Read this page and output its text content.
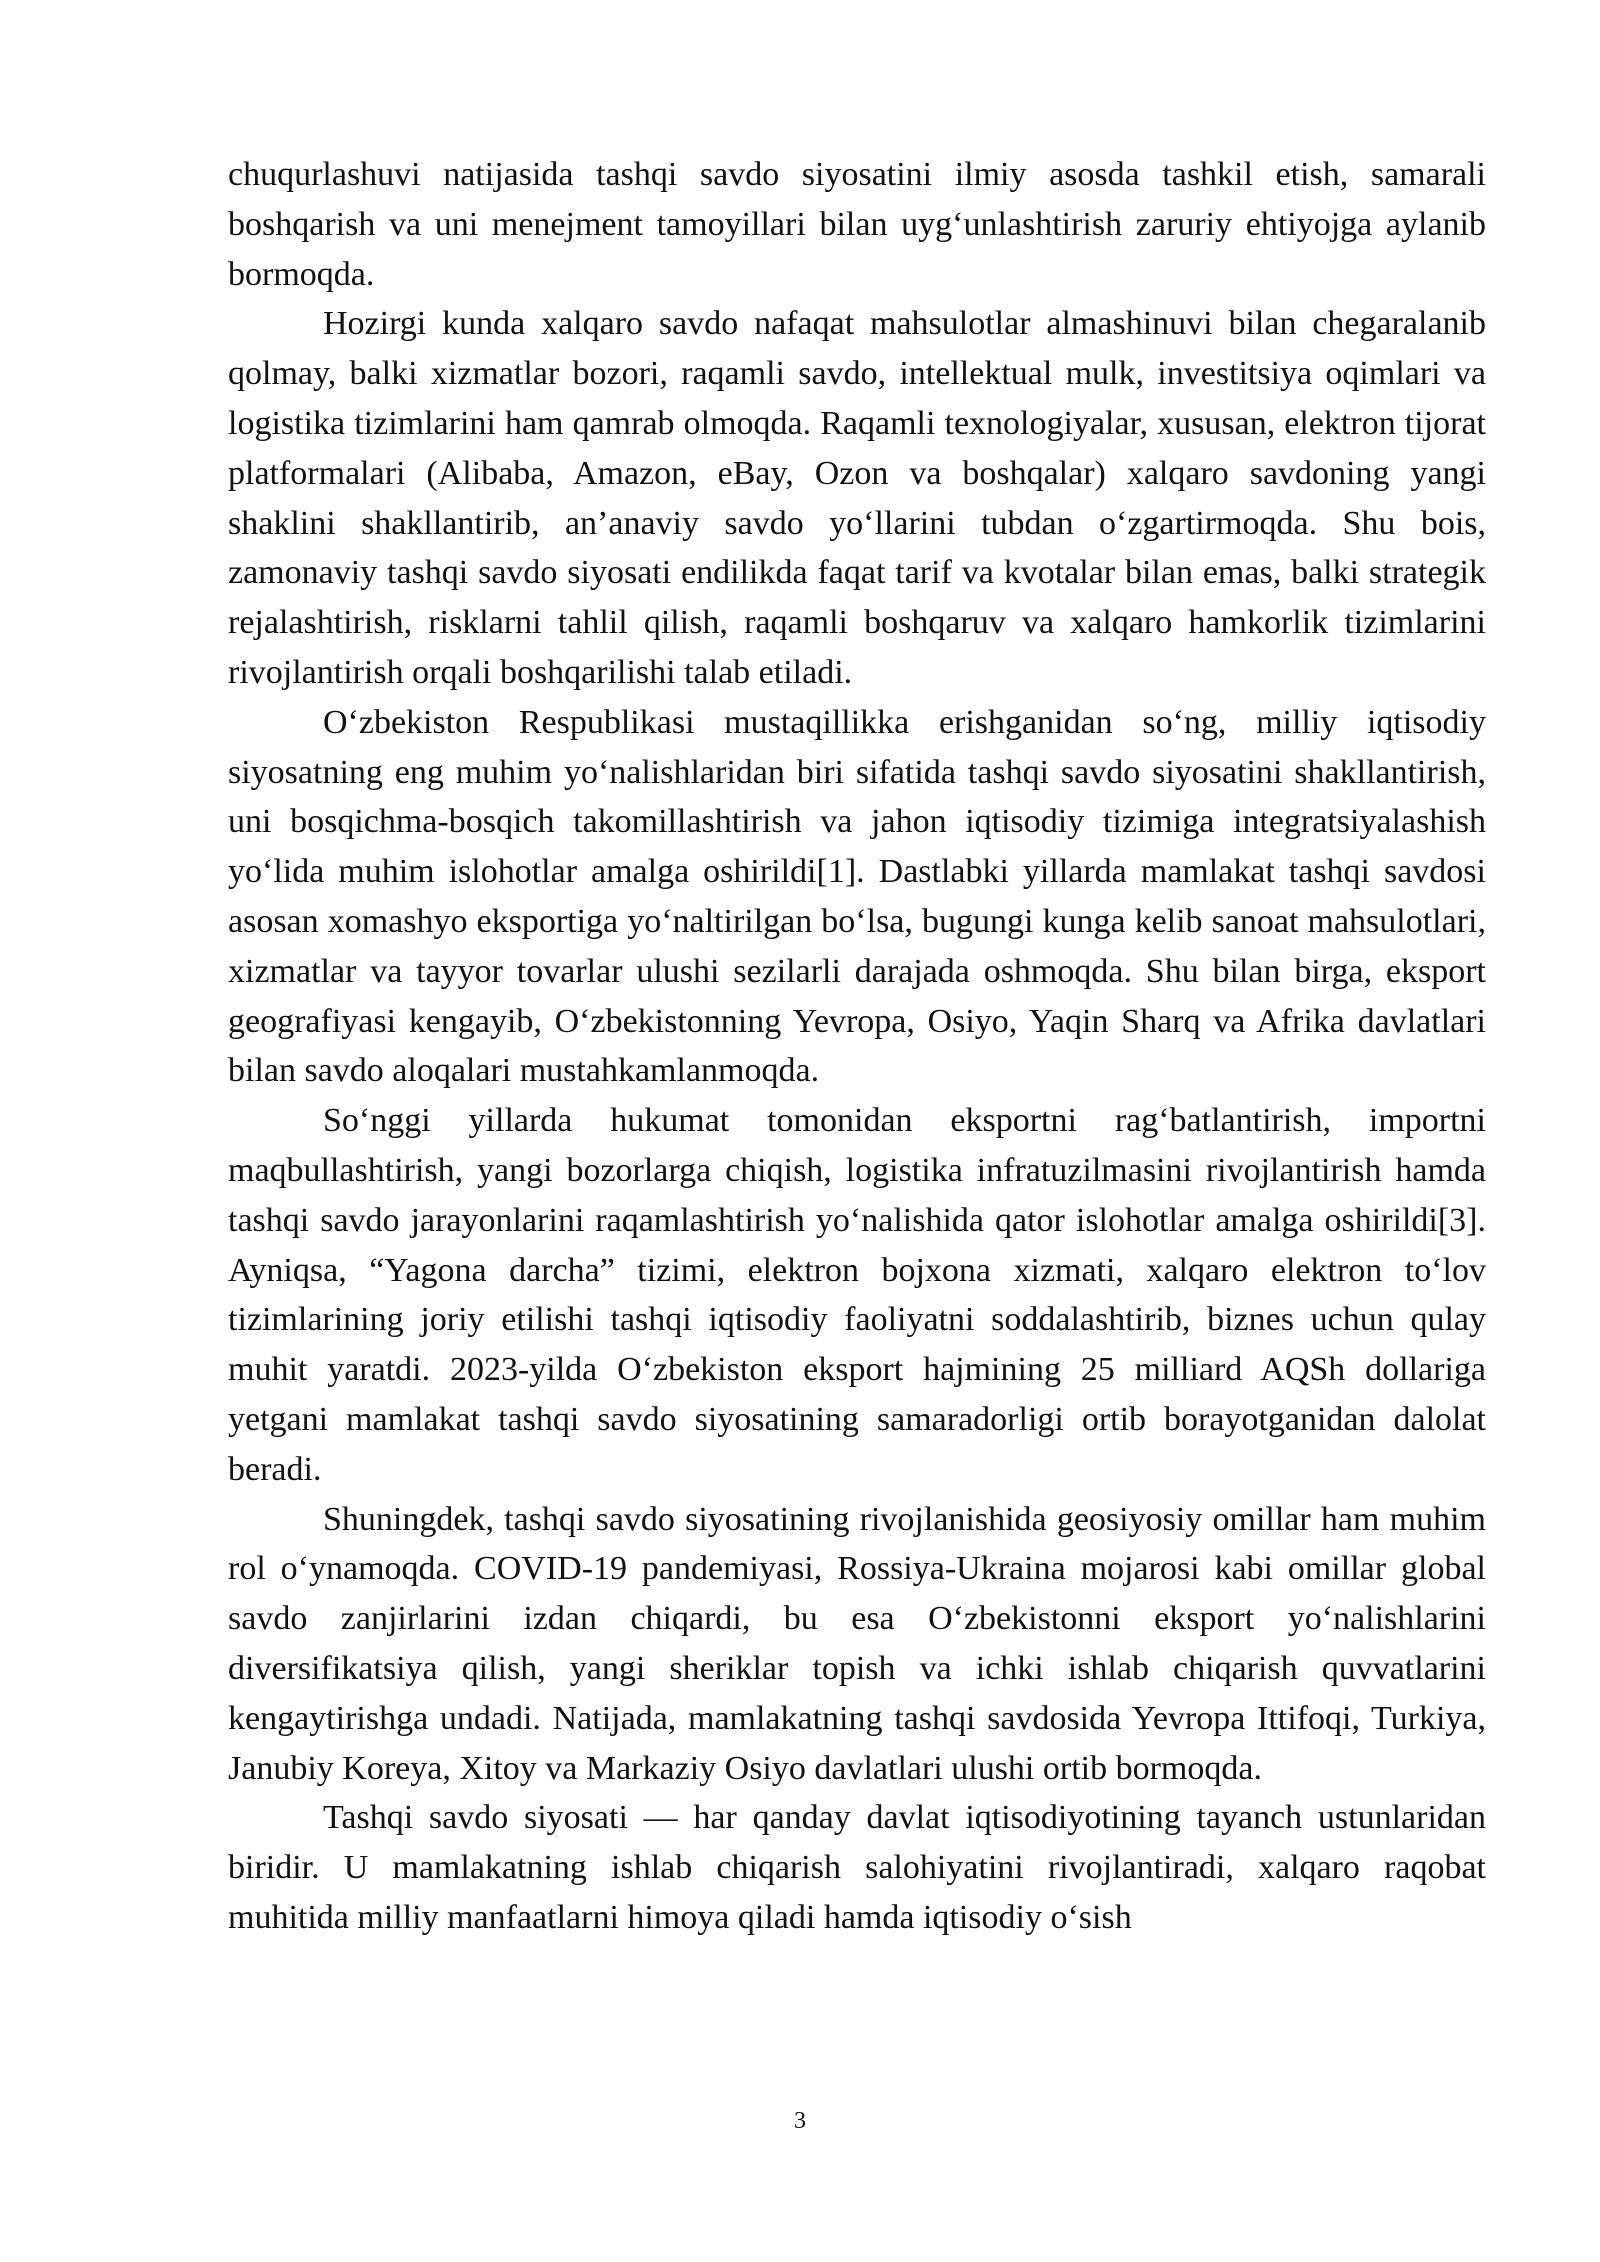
chuqurlashuvi natijasida tashqi savdo siyosatini ilmiy asosda tashkil etish, samarali boshqarish va uni menejment tamoyillari bilan uyg‘unlashtirish zaruriy ehtiyojga aylanib bormoqda.

Hozirgi kunda xalqaro savdo nafaqat mahsulotlar almashinuvi bilan chegaralanib qolmay, balki xizmatlar bozori, raqamli savdo, intellektual mulk, investitsiya oqimlari va logistika tizimlarini ham qamrab olmoqda. Raqamli texnologiyalar, xususan, elektron tijorat platformalari (Alibaba, Amazon, eBay, Ozon va boshqalar) xalqaro savdoning yangi shaklini shakllantirib, an’anaviy savdo yo‘llarini tubdan o‘zgartirmoqda. Shu bois, zamonaviy tashqi savdo siyosati endilikda faqat tarif va kvotalar bilan emas, balki strategik rejalashtirish, risklarni tahlil qilish, raqamli boshqaruv va xalqaro hamkorlik tizimlarini rivojlantirish orqali boshqarilishi talab etiladi.

O‘zbekiston Respublikasi mustaqillikka erishganidan so‘ng, milliy iqtisodiy siyosatning eng muhim yo‘nalishlaridan biri sifatida tashqi savdo siyosatini shakllantirish, uni bosqichma-bosqich takomillashtirish va jahon iqtisodiy tizimiga integratsiyalashish yo‘lida muhim islohotlar amalga oshirildi[1]. Dastlabki yillarda mamlakat tashqi savdosi asosan xomashyo eksportiga yo‘naltirilgan bo‘lsa, bugungi kunga kelib sanoat mahsulotlari, xizmatlar va tayyor tovarlar ulushi sezilarli darajada oshmoqda. Shu bilan birga, eksport geografiyasi kengayib, O‘zbekistonning Yevropa, Osiyo, Yaqin Sharq va Afrika davlatlari bilan savdo aloqalari mustahkamlanmoqda.

So‘nggi yillarda hukumat tomonidan eksportni rag‘batlantirish, importni maqbullashtirish, yangi bozorlarga chiqish, logistika infratuzilmasini rivojlantirish hamda tashqi savdo jarayonlarini raqamlashtirish yo‘nalishida qator islohotlar amalga oshirildi[3]. Ayniqsa, “Yagona darcha” tizimi, elektron bojxona xizmati, xalqaro elektron to‘lov tizimlarining joriy etilishi tashqi iqtisodiy faoliyatni soddalashtirib, biznes uchun qulay muhit yaratdi. 2023-yilda O‘zbekiston eksport hajmining 25 milliard AQSh dollariga yetgani mamlakat tashqi savdo siyosatining samaradorligi ortib borayotganidan dalolat beradi.

Shuningdek, tashqi savdo siyosatining rivojlanishida geosiyosiy omillar ham muhim rol o‘ynamoqda. COVID-19 pandemiyasi, Rossiya-Ukraina mojarosi kabi omillar global savdo zanjirlarini izdan chiqardi, bu esa O‘zbekistonni eksport yo‘nalishlarini diversifikatsiya qilish, yangi sheriklar topish va ichki ishlab chiqarish quvvatlarini kengaytirishga undadi. Natijada, mamlakatning tashqi savdosida Yevropa Ittifoqi, Turkiya, Janubiy Koreya, Xitoy va Markaziy Osiyo davlatlari ulushi ortib bormoqda.

Tashqi savdo siyosati — har qanday davlat iqtisodiyotining tayanch ustunlaridan biridir. U mamlakatning ishlab chiqarish salohiyatini rivojlantiradi, xalqaro raqobat muhitida milliy manfaatlarni himoya qiladi hamda iqtisodiy o‘sish

3
